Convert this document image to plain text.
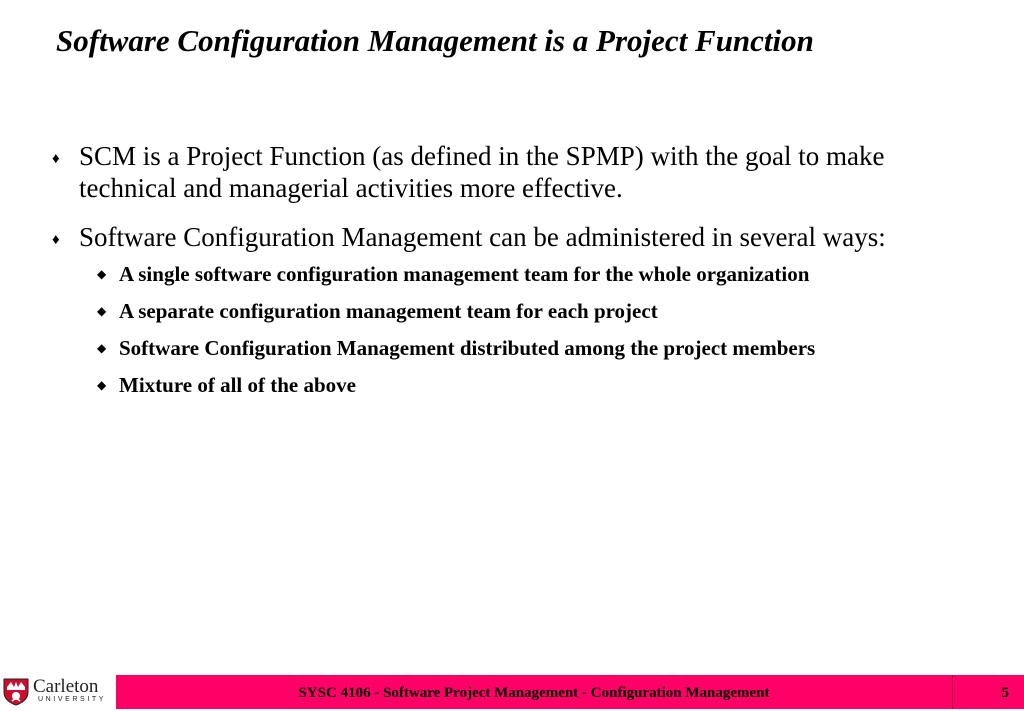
Software Configuration Management is a Project Function
♦ SCM is a Project Function (as defined in the SPMP) with the goal to make technical and managerial activities more effective.
♦ Software Configuration Management can be administered in several ways:
◆ A single software configuration management team for the whole organization
◆ A separate configuration management team for each project
◆ Software Configuration Management distributed among the project members
◆ Mixture of all of the above
Carleton
UNIVERSITY	SYSC 4106 - Software Project Management - Configuration Management	5
